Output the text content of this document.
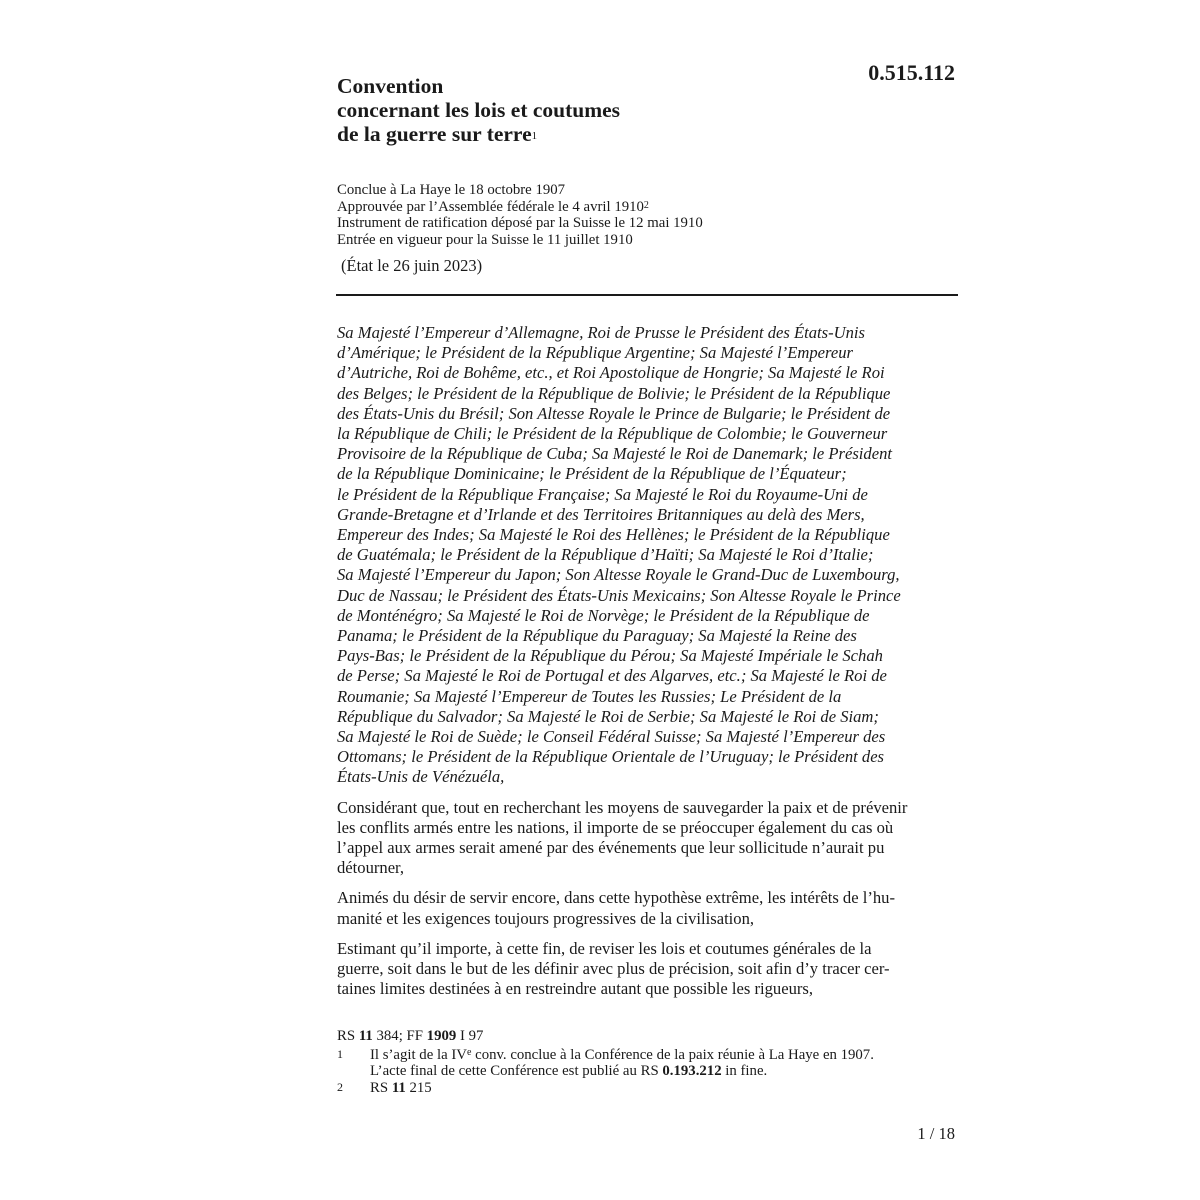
0.515.112
Convention
concernant les lois et coutumes
de la guerre sur terre$^1$
Conclue à La Haye le 18 octobre 1907
Approuvée par l’Assemblée fédérale le 4 avril 1910$^2$
Instrument de ratification déposé par la Suisse le 12 mai 1910
Entrée en vigueur pour la Suisse le 11 juillet 1910
(État le 26 juin 2023)
Sa Majesté l’Empereur d’Allemagne, Roi de Prusse le Président des États-Unis
d’Amérique; le Président de la République Argentine; Sa Majesté l’Empereur
d’Autriche, Roi de Bohême, etc., et Roi Apostolique de Hongrie; Sa Majesté le Roi
des Belges; le Président de la République de Bolivie; le Président de la République
des États-Unis du Brésil; Son Altesse Royale le Prince de Bulgarie; le Président de
la République de Chili; le Président de la République de Colombie; le Gouverneur
Provisoire de la République de Cuba; Sa Majesté le Roi de Danemark; le Président
de la République Dominicaine; le Président de la République de l’Équateur;
le Président de la République Française; Sa Majesté le Roi du Royaume-Uni de
Grande-Bretagne et d’Irlande et des Territoires Britanniques au delà des Mers,
Empereur des Indes; Sa Majesté le Roi des Hellènes; le Président de la République
de Guatémala; le Président de la République d’Haïti; Sa Majesté le Roi d’Italie;
Sa Majesté l’Empereur du Japon; Son Altesse Royale le Grand-Duc de Luxembourg,
Duc de Nassau; le Président des États-Unis Mexicains; Son Altesse Royale le Prince
de Monténégro; Sa Majesté le Roi de Norvège; le Président de la République de
Panama; le Président de la République du Paraguay; Sa Majesté la Reine des
Pays-Bas; le Président de la République du Pérou; Sa Majesté Impériale le Schah
de Perse; Sa Majesté le Roi de Portugal et des Algarves, etc.; Sa Majesté le Roi de
Roumanie; Sa Majesté l’Empereur de Toutes les Russies; Le Président de la
République du Salvador; Sa Majesté le Roi de Serbie; Sa Majesté le Roi de Siam;
Sa Majesté le Roi de Suède; le Conseil Fédéral Suisse; Sa Majesté l’Empereur des
Ottomans; le Président de la République Orientale de l’Uruguay; le Président des
États-Unis de Vénézuéla,
Considérant que, tout en recherchant les moyens de sauvegarder la paix et de prévenir
les conflits armés entre les nations, il importe de se préoccuper également du cas où
l’appel aux armes serait amené par des événements que leur sollicitude n’aurait pu
détourner,
Animés du désir de servir encore, dans cette hypothèse extrême, les intérêts de l’hu-
manité et les exigences toujours progressives de la civilisation,
Estimant qu’il importe, à cette fin, de reviser les lois et coutumes générales de la
guerre, soit dans le but de les définir avec plus de précision, soit afin d’y tracer cer-
taines limites destinées à en restreindre autant que possible les rigueurs,
RS 11 384; FF 1909 I 97
1	Il s’agit de la IVe conv. conclue à la Conférence de la paix réunie à La Haye en 1907.
L’acte final de cette Conférence est publié au RS 0.193.212 in fine.
2	RS 11 215
1 / 18
